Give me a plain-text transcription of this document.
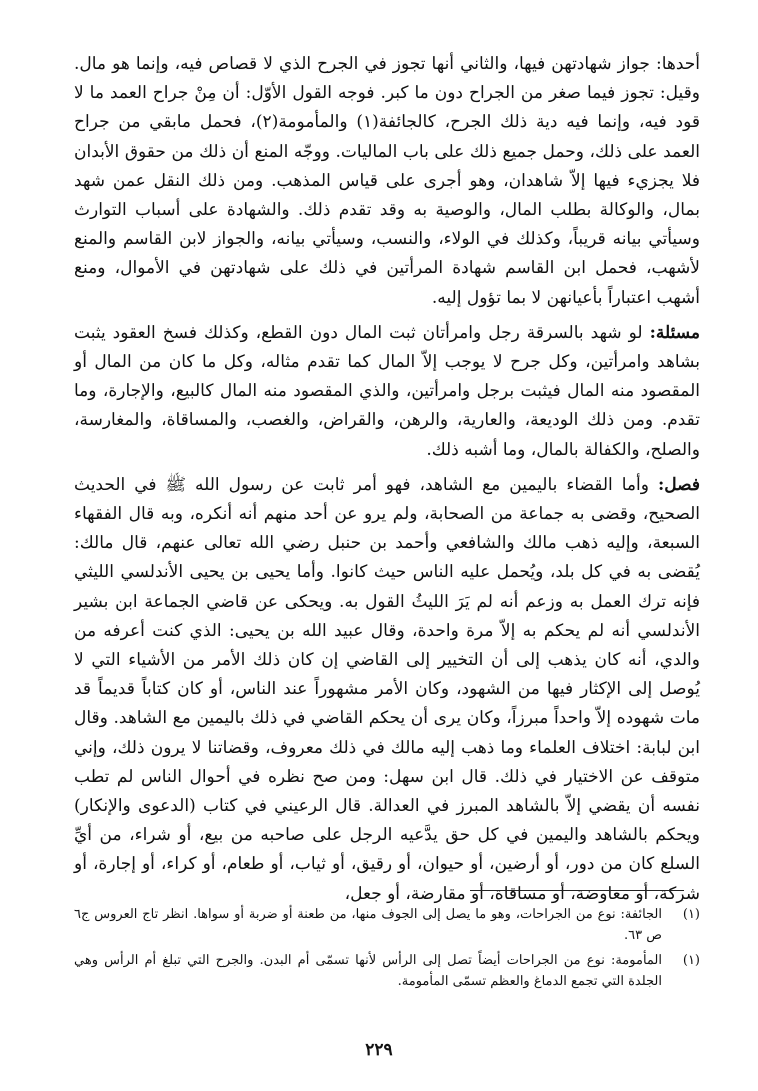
أحدها: جواز شهادتهن فيها، والثاني أنها تجوز في الجرح الذي لا قصاص فيه، وإنما هو مال. وقيل: تجوز فيما صغر من الجراح دون ما كبر. فوجه القول الأوّل: أن مِنْ جراح العمد ما لا قود فيه، وإنما فيه دية ذلك الجرح، كالجائفة(١) والمأمومة(٢)، فحمل مابقي من جراح العمد على ذلك، وحمل جميع ذلك على باب الماليات. ووجّه المنع أن ذلك من حقوق الأبدان فلا يجزيء فيها إلاّ شاهدان، وهو أجرى على قياس المذهب. ومن ذلك النقل عمن شهد بمال، والوكالة بطلب المال، والوصية به وقد تقدم ذلك. والشهادة على أسباب التوارث وسيأتي بيانه قريباً، وكذلك في الولاء، والنسب، وسيأتي بيانه، والجواز لابن القاسم والمنع لأشهب، فحمل ابن القاسم شهادة المرأتين في ذلك على شهادتهن في الأموال، ومنع أشهب اعتباراً بأعيانهن لا بما تؤول إليه.

مسئلة: لو شهد بالسرقة رجل وامرأتان ثبت المال دون القطع، وكذلك فسخ العقود يثبت بشاهد وامرأتين، وكل جرح لا يوجب إلاّ المال كما تقدم مثاله، وكل ما كان من المال أو المقصود منه المال فيثبت برجل وامرأتين، والذي المقصود منه المال كالبيع، والإجارة، وما تقدم. ومن ذلك الوديعة، والعارية، والرهن، والقراض، والغصب، والمساقاة، والمغارسة، والصلح، والكفالة بالمال، وما أشبه ذلك.

فصل: وأما القضاء باليمين مع الشاهد، فهو أمر ثابت عن رسول الله ﷺ في الحديث الصحيح، وقضى به جماعة من الصحابة، ولم يرو عن أحد منهم أنه أنكره، وبه قال الفقهاء السبعة، وإليه ذهب مالك والشافعي وأحمد بن حنبل رضي الله تعالى عنهم، قال مالك: يُقضى به في كل بلد، ويُحمل عليه الناس حيث كانوا. وأما يحيى بن يحيى الأندلسي الليثي فإنه ترك العمل به وزعم أنه لم يَرَ الليثُ القول به. ويحكى عن قاضي الجماعة ابن بشير الأندلسي أنه لم يحكم به إلاّ مرة واحدة، وقال عبيد الله بن يحيى: الذي كنت أعرفه من والدي، أنه كان يذهب إلى أن التخيير إلى القاضي إن كان ذلك الأمر من الأشياء التي لا يُوصل إلى الإكثار فيها من الشهود، وكان الأمر مشهوراً عند الناس، أو كان كتاباً قديماً قد مات شهوده إلاّ واحداً مبرزاً، وكان يرى أن يحكم القاضي في ذلك باليمين مع الشاهد. وقال ابن لبابة: اختلاف العلماء وما ذهب إليه مالك في ذلك معروف، وقضاتنا لا يرون ذلك، وإني متوقف عن الاختيار في ذلك. قال ابن سهل: ومن صح نظره في أحوال الناس لم تطب نفسه أن يقضي إلاّ بالشاهد المبرز في العدالة. قال الرعيني في كتاب (الدعوى والإنكار) ويحكم بالشاهد واليمين في كل حق يدَّعيه الرجل على صاحبه من بيع، أو شراء، من أيِّ السلع كان من دور، أو أرضين، أو حيوان، أو رقيق، أو ثياب، أو طعام، أو كراء، أو إجارة، أو شركة، أو معاوضة، أو مساقاة، أو مقارضة، أو جعل،

(١)
الجائفة: نوع من الجراحات، وهو ما يصل إلى الجوف منها، من طعنة أو ضربة أو سواها. انظر تاج العروس ج٦ ص ٦٣.
(١)
المأمومة: نوع من الجراحات أيضاً تصل إلى الرأس لأنها تسمّى أم البدن. والجرح التي تبلغ أم الرأس وهي الجلدة التي تجمع الدماغ والعظم تسمّى المأمومة.
٢٢٩
